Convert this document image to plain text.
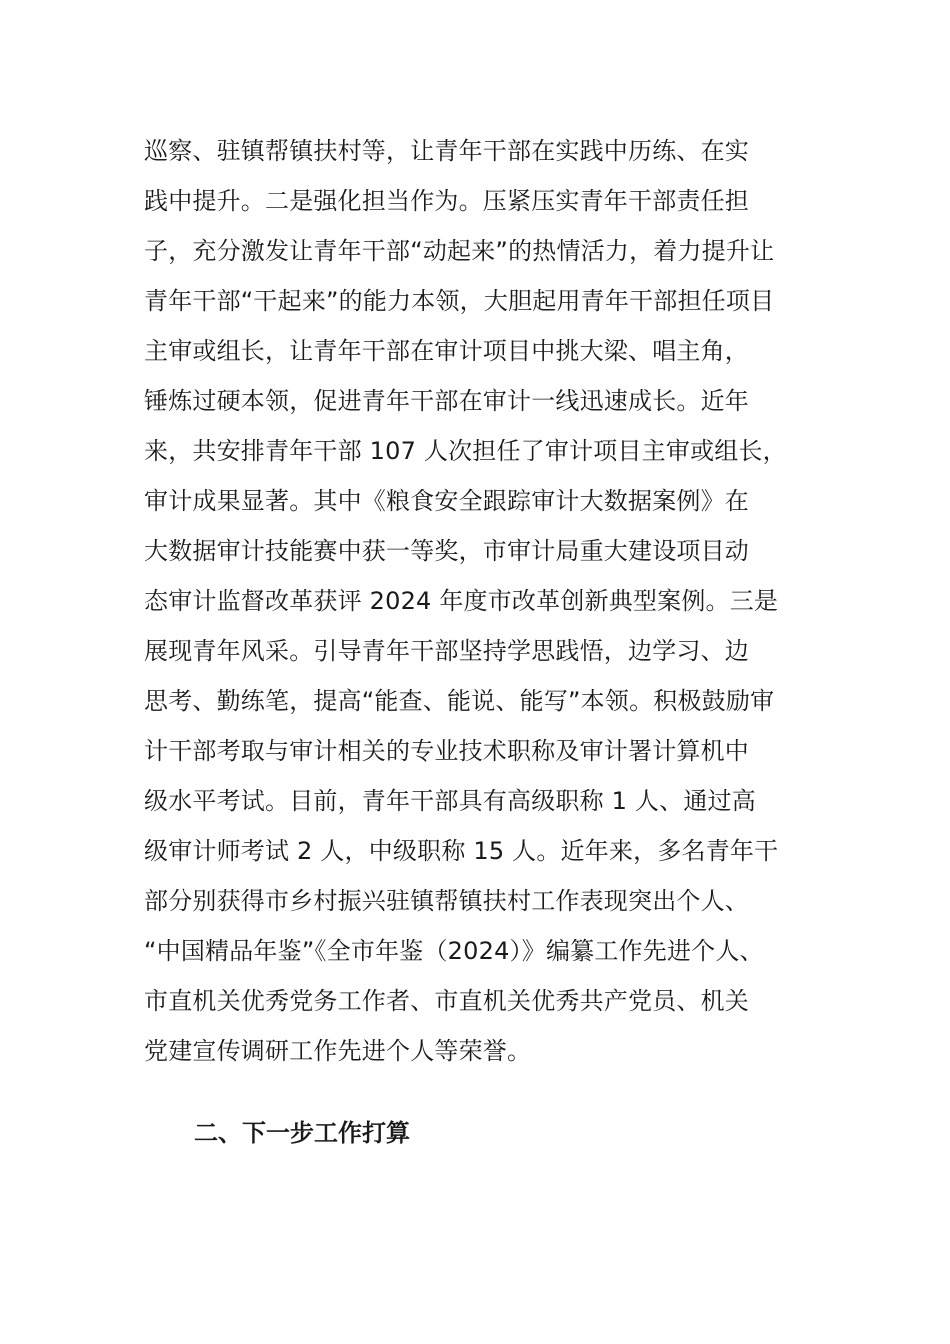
巡察、驻镇帮镇扶村等，让青年干部在实践中历练、在实
践中提升。二是强化担当作为。压紧压实青年干部责任担
子，充分激发让青年干部“动起来”的热情活力，着力提升让
青年干部“干起来”的能力本领，大胆起用青年干部担任项目
主审或组长，让青年干部在审计项目中挑大梁、唱主角，
锤炼过硬本领，促进青年干部在审计一线迅速成长。近年
来，共安排青年干部 107 人次担任了审计项目主审或组长，
审计成果显著。其中《粮食安全跟踪审计大数据案例》在
大数据审计技能赛中获一等奖，市审计局重大建设项目动
态审计监督改革获评 2024 年度市改革创新典型案例。三是
展现青年风采。引导青年干部坚持学思践悟，边学习、边
思考、勤练笔，提高“能查、能说、能写”本领。积极鼓励审
计干部考取与审计相关的专业技术职称及审计署计算机中
级水平考试。目前，青年干部具有高级职称 1 人、通过高
级审计师考试 2 人，中级职称 15 人。近年来，多名青年干
部分别获得市乡村振兴驻镇帮镇扶村工作表现突出个人、
“中国精品年鉴”《全市年鉴（2024）》编纂工作先进个人、
市直机关优秀党务工作者、市直机关优秀共产党员、机关
党建宣传调研工作先进个人等荣誉。
二、下一步工作打算
